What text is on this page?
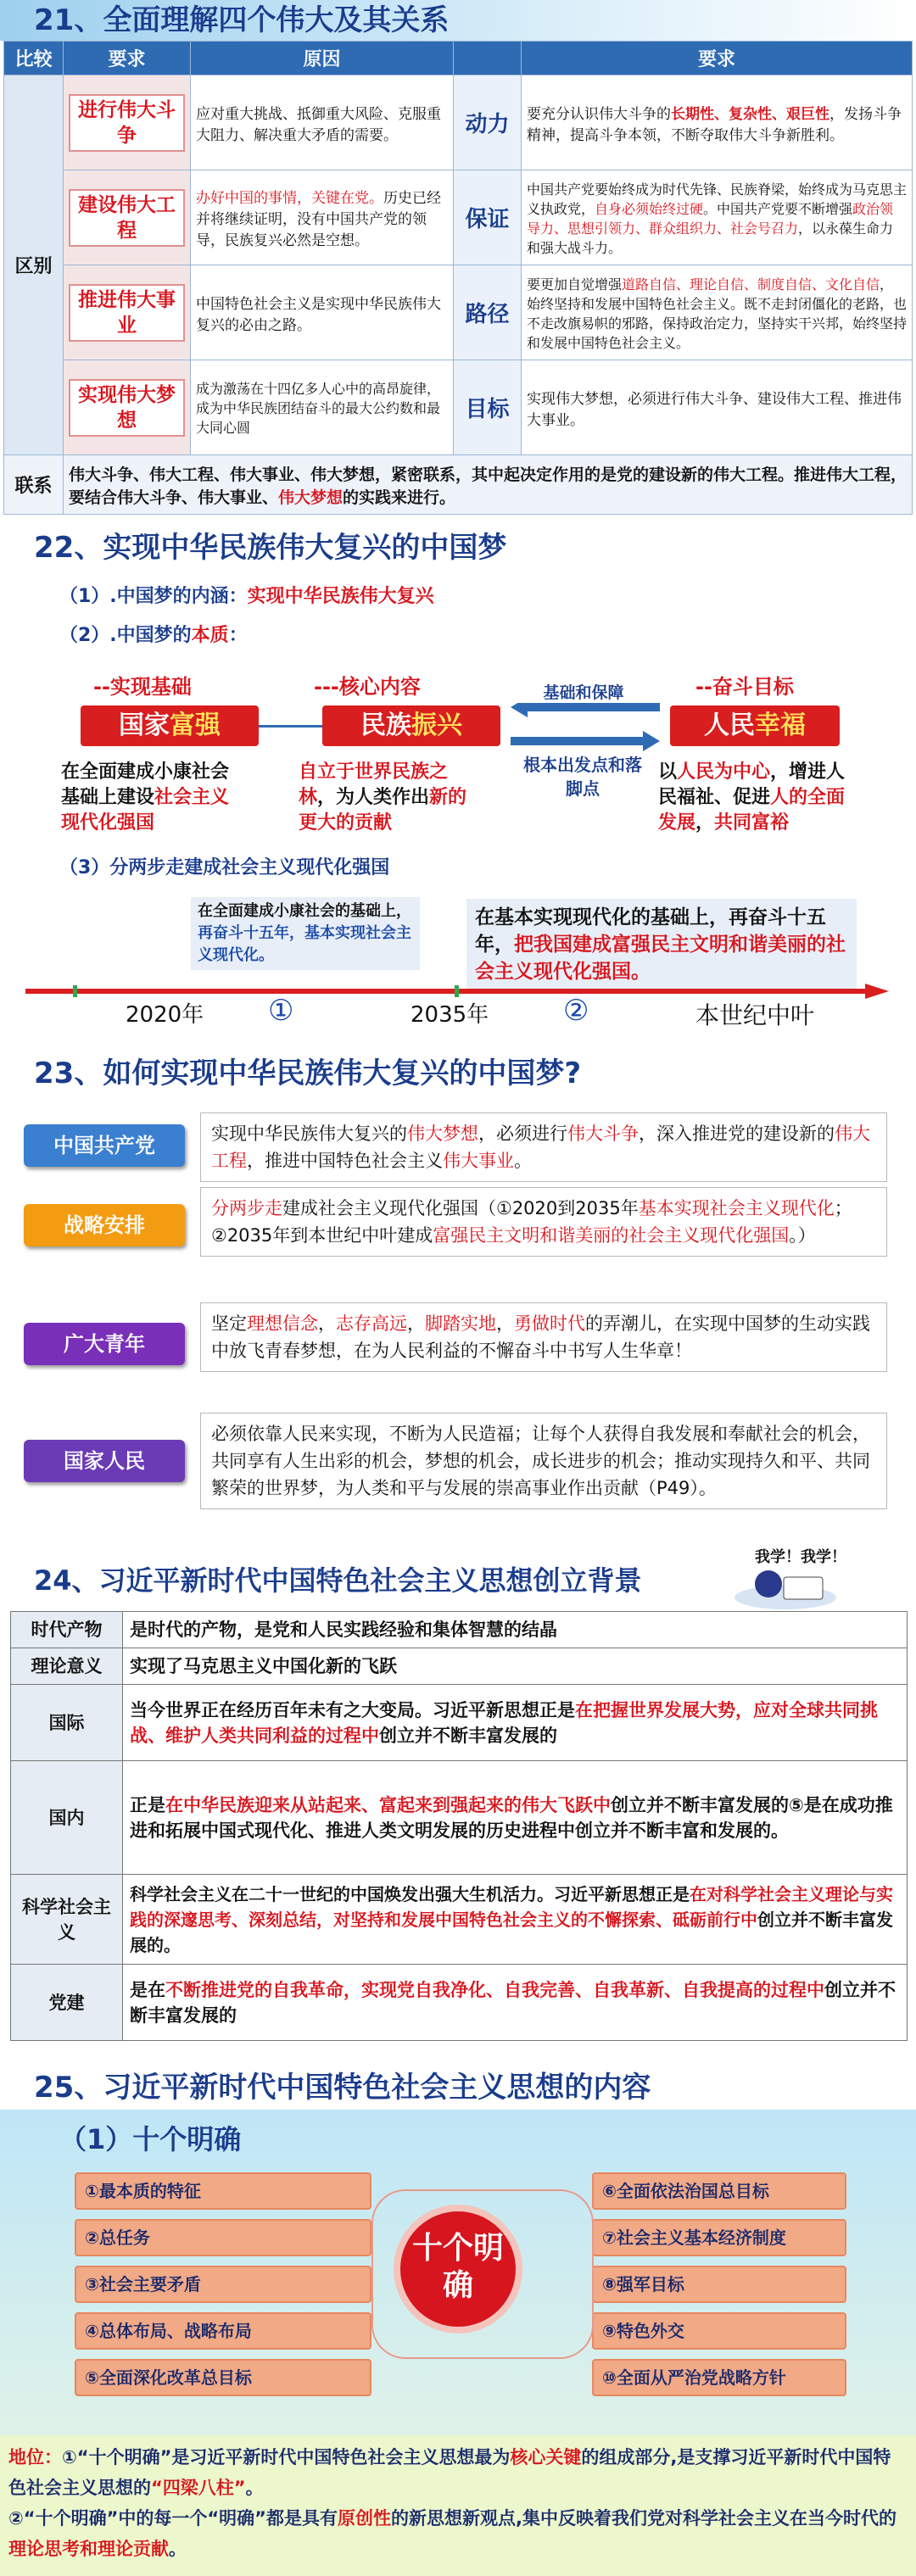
21、全面理解四个伟大及其关系
比较	要求	原因		要求
区别	进行伟大斗争	应对重大挑战、抵御重大风险、克服重大阻力、解决重大矛盾的需要。	动力	要充分认识伟大斗争的长期性、复杂性、艰巨性，发扬斗争精神，提高斗争本领，不断夺取伟大斗争新胜利。
	建设伟大工程	办好中国的事情，关键在党。历史已经并将继续证明，没有中国共产党的领导，民族复兴必然是空想。	保证	中国共产党要始终成为时代先锋、民族脊梁，始终成为马克思主义执政党，自身必须始终过硬。中国共产党要不断增强政治领导力、思想引领力、群众组织力、社会号召力，以永葆生命力和强大战斗力。
	推进伟大事业	中国特色社会主义是实现中华民族伟大复兴的必由之路。	路径	要更加自觉增强道路自信、理论自信、制度自信、文化自信，始终坚持和发展中国特色社会主义。既不走封闭僵化的老路，也不走改旗易帜的邪路，保持政治定力，坚持实干兴邦，始终坚持和发展中国特色社会主义。
	实现伟大梦想	成为激荡在十四亿多人心中的高昂旋律，成为中华民族团结奋斗的最大公约数和最大同心圆	目标	实现伟大梦想，必须进行伟大斗争、建设伟大工程、推进伟大事业。
联系	伟大斗争、伟大工程、伟大事业、伟大梦想，紧密联系，其中起决定作用的是党的建设新的伟大工程。推进伟大工程，要结合伟大斗争、伟大事业、伟大梦想的实践来进行。			
22、实现中华民族伟大复兴的中国梦
（1）.中国梦的内涵：实现中华民族伟大复兴
（2）.中国梦的本质：
--实现基础	---核心内容	--奋斗目标
国家富强	民族振兴	人民幸福
基础和保障
根本出发点和落脚点
在全面建成小康社会基础上建设社会主义现代化强国
自立于世界民族之林，为人类作出新的更大的贡献
以人民为中心，增进人民福祉、促进人的全面发展，共同富裕
（3）分两步走建成社会主义现代化强国
在全面建成小康社会的基础上，再奋斗十五年，基本实现社会主义现代化。
在基本实现现代化的基础上，再奋斗十五年，把我国建成富强民主文明和谐美丽的社会主义现代化强国。
2020年 ①	2035年	②	本世纪中叶
23、如何实现中华民族伟大复兴的中国梦?
中国共产党	实现中华民族伟大复兴的伟大梦想，必须进行伟大斗争，深入推进党的建设新的伟大工程，推进中国特色社会主义伟大事业。
战略安排
分两步走建成社会主义现代化强国（①2020到2035年基本实现社会主义现代化；②2035年到本世纪中叶建成富强民主文明和谐美丽的社会主义现代化强国。）
广大青年
坚定理想信念，志存高远，脚踏实地，勇做时代的弄潮儿，在实现中国梦的生动实践中放飞青春梦想，在为人民利益的不懈奋斗中书写人生华章！
国家人民
必须依靠人民来实现，不断为人民造福；让每个人获得自我发展和奉献社会的机会，共同享有人生出彩的机会，梦想的机会，成长进步的机会；推动实现持久和平、共同繁荣的世界梦，为人类和平与发展的崇高事业作出贡献（P49）。
24、习近平新时代中国特色社会主义思想创立背景
我学！我学！
时代产物	是时代的产物，是党和人民实践经验和集体智慧的结晶
理论意义	实现了马克思主义中国化新的飞跃
国际	当今世界正在经历百年未有之大变局。习近平新思想正是在把握世界发展大势，应对全球共同挑战、维护人类共同利益的过程中创立并不断丰富发展的
国内	正是在中华民族迎来从站起来、富起来到强起来的伟大飞跃中创立并不断丰富发展的⑤是在成功推进和拓展中国式现代化、推进人类文明发展的历史进程中创立并不断丰富和发展的。
科学社会主义	科学社会主义在二十一世纪的中国焕发出强大生机活力。习近平新思想正是在对科学社会主义理论与实践的深邃思考、深刻总结，对坚持和发展中国特色社会主义的不懈探索、砥砺前行中创立并不断丰富发展的。
党建	是在不断推进党的自我革命，实现党自我净化、自我完善、自我革新、自我提高的过程中创立并不断丰富发展的
25、习近平新时代中国特色社会主义思想的内容
（1）十个明确
①最本质的特征
②总任务
③社会主要矛盾
④总体布局、战略布局
⑤全面深化改革总目标
⑥全面依法治国总目标
⑦社会主义基本经济制度
⑧强军目标
⑨特色外交
⑩全面从严治党战略方针
十个明确
地位：①“十个明确”是习近平新时代中国特色社会主义思想最为核心关键的组成部分,是支撑习近平新时代中国特色社会主义思想的“四梁八柱”。
②“十个明确”中的每一个“明确”都是具有原创性的新思想新观点,集中反映着我们党对科学社会主义在当今时代的理论思考和理论贡献。
